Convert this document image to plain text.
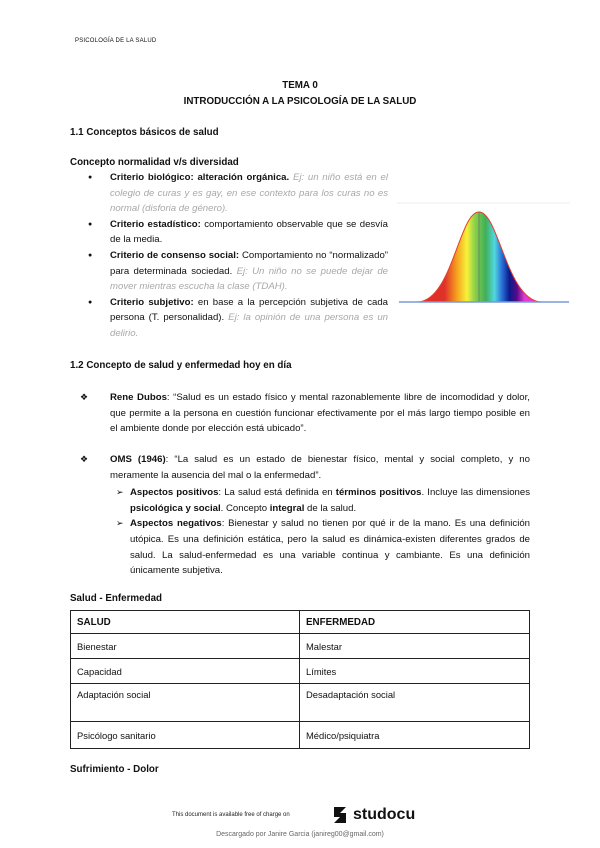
PSICOLOGÍA DE LA SALUD
TEMA 0
INTRODUCCIÓN A LA PSICOLOGÍA DE LA SALUD
1.1 Conceptos básicos de salud
Concepto normalidad v/s diversidad
● Criterio biológico: alteración orgánica. Ej: un niño está en el colegio de curas y es gay, en ese contexto para los curas no es normal (disforia de género).
● Criterio estadístico: comportamiento observable que se desvía de la media.
● Criterio de consenso social: Comportamiento no “normalizado” para determinada sociedad. Ej: Un niño no se puede dejar de mover mientras escucha la clase (TDAH).
● Criterio subjetivo: en base a la percepción subjetiva de cada persona (T. personalidad). Ej: la opinión de una persona es un delirio.
1.2 Concepto de salud y enfermedad hoy en día
❖	Rene Dubos: “Salud es un estado físico y mental razonablemente libre de incomodidad y dolor, que permite a la persona en cuestión funcionar efectivamente por el más largo tiempo posible en el ambiente donde por elección está ubicado”.
❖	OMS (1946): “La salud es un estado de bienestar físico, mental y social completo, y no meramente la ausencia del mal o la enfermedad”.
➢ Aspectos positivos: La salud está definida en términos positivos. Incluye las dimensiones psicológica y social. Concepto integral de la salud.
➢ Aspectos negativos: Bienestar y salud no tienen por qué ir de la mano. Es una definición utópica. Es una definición estática, pero la salud es dinámica-existen diferentes grados de salud. La salud-enfermedad es una variable continua y cambiante. Es una definición únicamente subjetiva.
Salud - Enfermedad
SALUD	ENFERMEDAD
Bienestar	Malestar
Capacidad	Límites
Adaptación social	Desadaptación social
Psicólogo sanitario	Médico/psiquiatra
Sufrimiento - Dolor
This document is available free of charge on	studocu
Descargado por Janire Garcia (janireg00@gmail.com)
